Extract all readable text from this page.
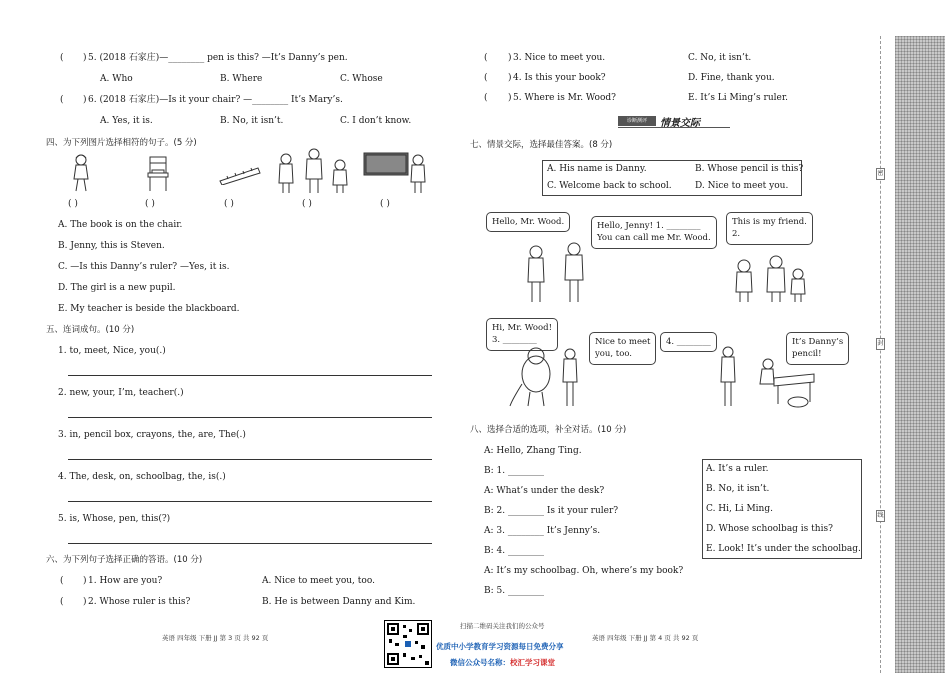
( ) 5. (2018 石家庄)—________ pen is this? —It’s Danny’s pen.
A. Who	B. Where	C. Whose
( ) 6. (2018 石家庄)—Is it your chair? —________ It’s Mary’s.
A. Yes, it is.	B. No, it isn’t.	C. I don’t know.
四、为下列图片选择相符的句子。(5 分)
( )	( )	( )	( )	( )
A. The book is on the chair.
B. Jenny, this is Steven.
C. —Is this Danny’s ruler? —Yes, it is.
D. The girl is a new pupil.
E. My teacher is beside the blackboard.
五、连词成句。(10 分)
1. to, meet, Nice, you(.)
2. new, your, I’m, teacher(.)
3. in, pencil box, crayons, the, are, The(.)
4. The, desk, on, schoolbag, the, is(.)
5. is, Whose, pen, this(?)
六、为下列句子选择正确的答语。(10 分)
( ) 1. How are you?	A. Nice to meet you, too.
( ) 2. Whose ruler is this?	B. He is between Danny and Kim.
英语 四年级 下册 JJ 第 3 页 共 92 页
( ) 3. Nice to meet you.	C. No, it isn’t.
( ) 4. Is this your book?	D. Fine, thank you.
( ) 5. Where is Mr. Wood?	E. It’s Li Ming’s ruler.
诊断测评	情景交际
七、情景交际，选择最佳答案。(8 分)
A. His name is Danny.	B. Whose pencil is this?
C. Welcome back to school.	D. Nice to meet you.
Hello, Mr. Wood.	Hello, Jenny! 1. ________
You can call me Mr. Wood.
This is my friend.
2.
Hi, Mr. Wood!
3. ________	Nice to meet
you, too.
4. ________	It’s Danny’s
pencil!
八、选择合适的选项，补全对话。(10 分)
A: Hello, Zhang Ting.
B: 1. ________
A: What’s under the desk?
B: 2. ________ Is it your ruler?
A: 3. ________ It’s Jenny’s.
B: 4. ________
A: It’s my schoolbag. Oh, where’s my book?
B: 5. ________
A. It’s a ruler.
B. No, it isn’t.
C. Hi, Li Ming.
D. Whose schoolbag is this?
E. Look! It’s under the schoolbag.
英语 四年级 下册 JJ 第 4 页 共 92 页
扫描二维码关注我们的公众号
优质中小学教育学习资源每日免费分享
微信公众号名称：校汇学习课堂
密
封
线
